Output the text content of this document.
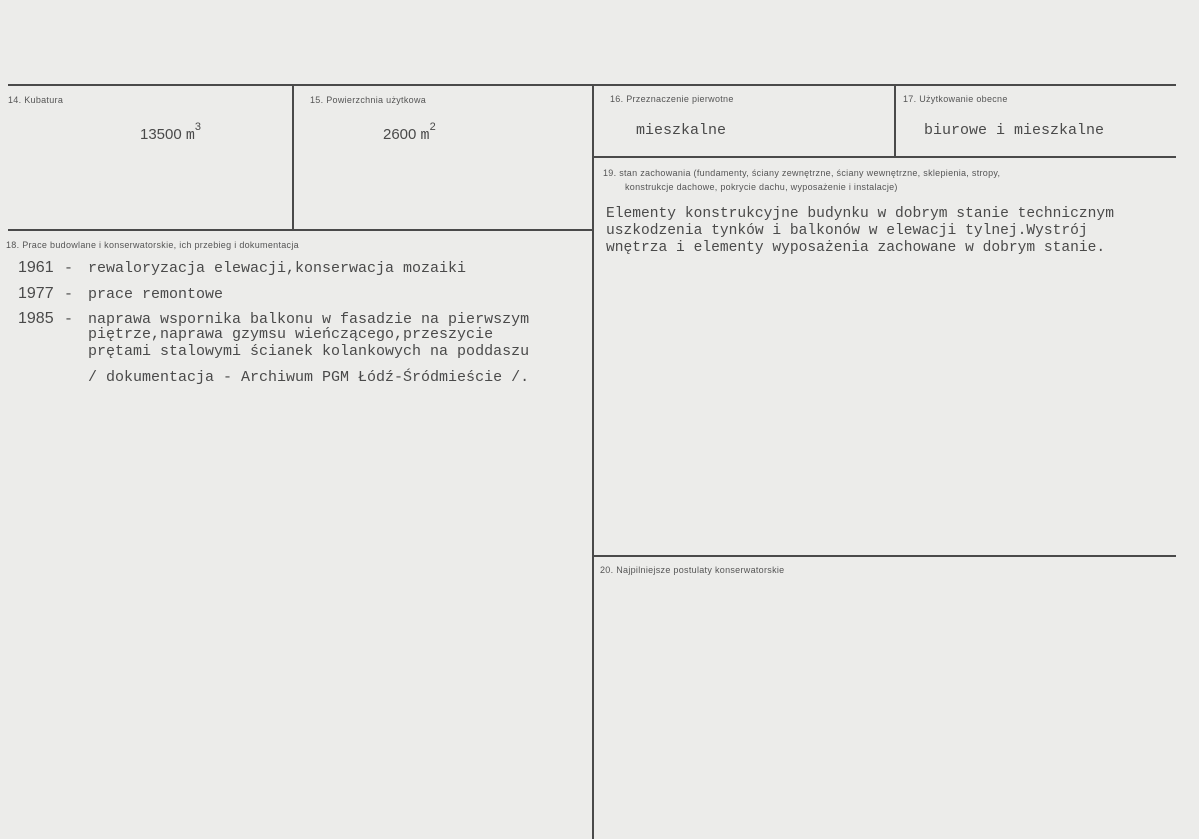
14. Kubatura
13500 $m^3$
15. Powierzchnia użytkowa
2600 $m^2$
16. Przeznaczenie pierwotne
mieszkalne
17. Użytkowanie obecne
biurowe i mieszkalne
18. Prace budowlane i konserwatorskie, ich przebieg i dokumentacja
1961 - rewaloryzacja elewacji,konserwacja mozaiki
1977 - prace remontowe
1985 - naprawa wspornika balkonu w fasadzie na pierwszym
piętrze,naprawa gzymsu wieńczącego,przeszycie
prętami stalowymi ścianek kolankowych na poddaszu
/ dokumentacja - Archiwum PGM Łódź-Śródmieście /.
19. stan zachowania (fundamenty, ściany zewnętrzne, ściany wewnętrzne, sklepienia, stropy,
konstrukcje dachowe, pokrycie dachu, wyposażenie i instalacje)
Elementy konstrukcyjne budynku w dobrym stanie technicznym
uszkodzenia tynków i balkonów w elewacji tylnej.Wystrój
wnętrza i elementy wyposażenia zachowane w dobrym stanie.
20. Najpilniejsze postulaty konserwatorskie
